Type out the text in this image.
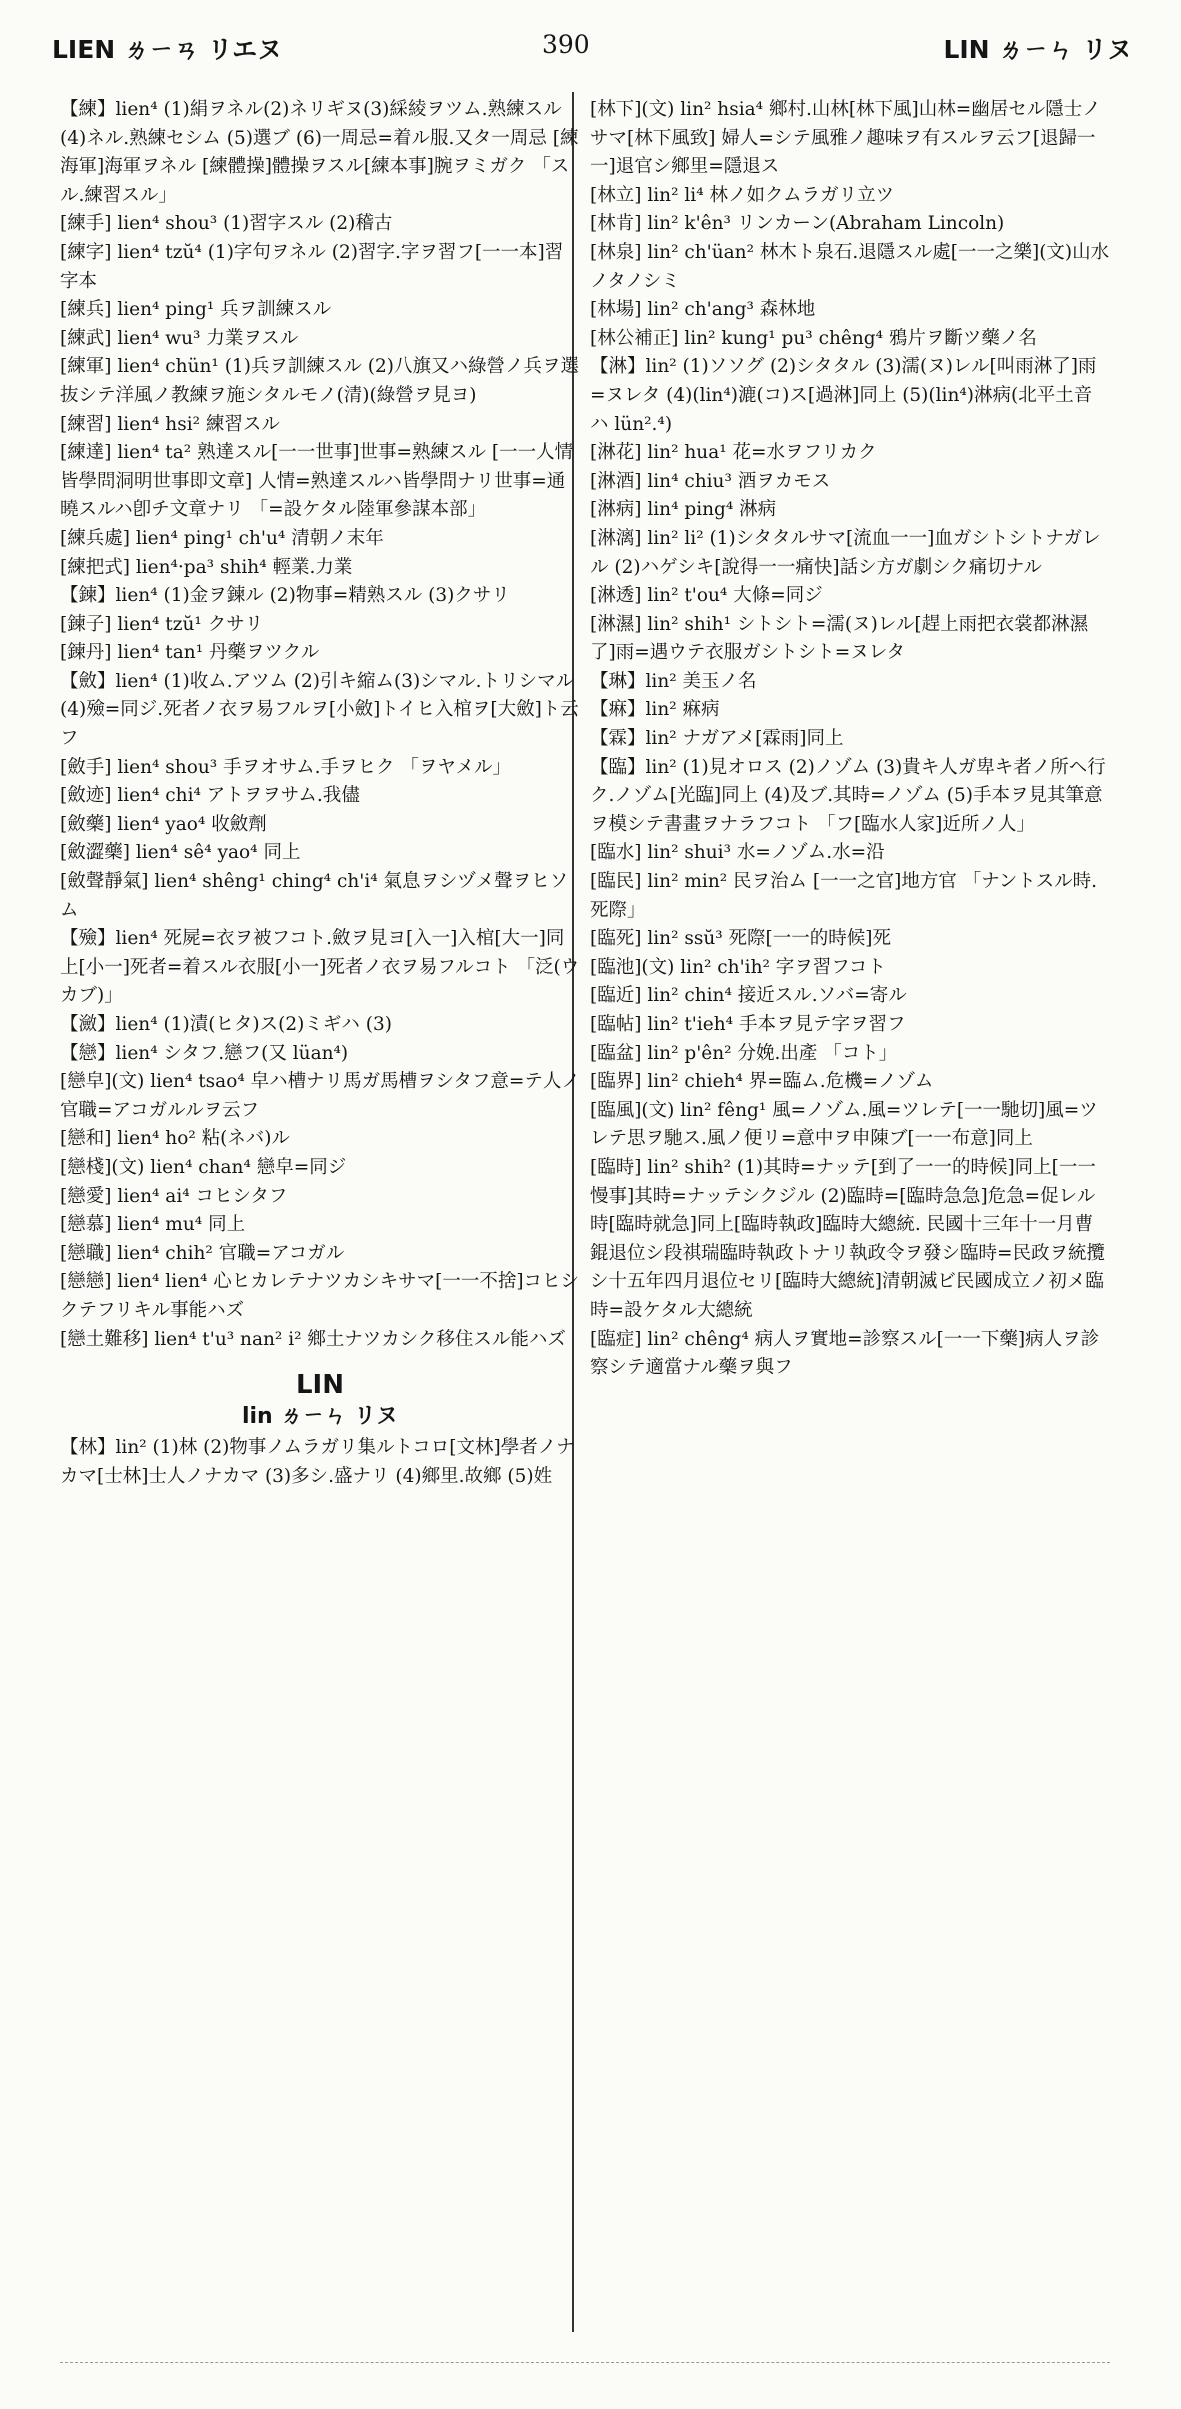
LIEN ㄌㄧㄢ リエヌ	390	LIN ㄌㄧㄣ リヌ

【練】lien⁴ (1)絹ヲネル(2)ネリギヌ(3)綵綾ヲツム.熟練スル (4)ネル.熟練セシム (5)選ブ (6)一周忌=着ル服.又タ一周忌 [練海軍]海軍ヲネル [練體操]體操ヲスル[練本事]腕ヲミガク 「スル.練習スル」

[練手] lien⁴ shou³ (1)習字スル (2)稽古

[練字] lien⁴ tzŭ⁴ (1)字句ヲネル (2)習字.字ヲ習フ[一一本]習字本

[練兵] lien⁴ ping¹ 兵ヲ訓練スル

[練武] lien⁴ wu³ 力業ヲスル

[練軍] lien⁴ chün¹ (1)兵ヲ訓練スル (2)八旗又ハ綠營ノ兵ヲ選抜シテ洋風ノ教練ヲ施シタルモノ(清)(綠營ヲ見ヨ)

[練習] lien⁴ hsi² 練習スル

[練達] lien⁴ ta² 熟達スル[一一世事]世事=熟練スル [一一人情皆學問洞明世事即文章] 人情=熟達スルハ皆學問ナリ世事=通曉スルハ卽チ文章ナリ 「=設ケタル陸軍參謀本部」

[練兵處] lien⁴ ping¹ ch'u⁴ 清朝ノ末年

[練把式] lien⁴·pa³ shih⁴ 輕業.力業

【鍊】lien⁴ (1)金ヲ鍊ル (2)物事=精熟スル (3)クサリ

[鍊子] lien⁴ tzŭ¹ クサリ

[鍊丹] lien⁴ tan¹ 丹藥ヲツクル

【斂】lien⁴ (1)收ム.アツム (2)引キ縮ム(3)シマル.トリシマル (4)殮=同ジ.死者ノ衣ヲ易フルヲ[小斂]トイヒ入棺ヲ[大斂]ト云フ

[斂手] lien⁴ shou³ 手ヲオサム.手ヲヒク 「ヲヤメル」

[斂迹] lien⁴ chi⁴ アトヲヲサム.我儘

[斂藥] lien⁴ yao⁴ 收斂劑

[斂澀藥] lien⁴ sê⁴ yao⁴ 同上

[斂聲靜氣] lien⁴ shêng¹ ching⁴ ch'i⁴ 氣息ヲシヅメ聲ヲヒソム

【殮】lien⁴ 死屍=衣ヲ被フコト.斂ヲ見ヨ[入一]入棺[大一]同上[小一]死者=着スル衣服[小一]死者ノ衣ヲ易フルコト 「泛(ウカブ)」

【瀲】lien⁴ (1)漬(ヒタ)ス(2)ミギハ (3)

【戀】lien⁴ シタフ.戀フ(又 lüan⁴)

[戀皁](文) lien⁴ tsao⁴ 皁ハ槽ナリ馬ガ馬槽ヲシタフ意=テ人ノ官職=アコガルルヲ云フ

[戀和] lien⁴ ho² 粘(ネバ)ル

[戀棧](文) lien⁴ chan⁴ 戀皁=同ジ

[戀愛] lien⁴ ai⁴ コヒシタフ

[戀慕] lien⁴ mu⁴ 同上

[戀職] lien⁴ chih² 官職=アコガル

[戀戀] lien⁴ lien⁴ 心ヒカレテナツカシキサマ[一一不捨]コヒシクテフリキル事能ハズ

[戀土難移] lien⁴ t'u³ nan² i² 鄉土ナツカシク移住スル能ハズ

LIN
lin ㄌㄧㄣ リヌ

【林】lin² (1)林 (2)物事ノムラガリ集ルトコロ[文林]學者ノナカマ[士林]士人ノナカマ (3)多シ.盛ナリ (4)鄉里.故鄉 (5)姓

[林下](文) lin² hsia⁴ 鄉村.山林[林下風]山林=幽居セル隱士ノサマ[林下風致] 婦人=シテ風雅ノ趣味ヲ有スルヲ云フ[退歸一一]退官シ鄉里=隱退ス

[林立] lin² li⁴ 林ノ如クムラガリ立ツ

[林肯] lin² k'ên³ リンカーン(Abraham Lincoln)

[林泉] lin² ch'üan² 林木ト泉石.退隱スル處[一一之樂](文)山水ノタノシミ

[林場] lin² ch'ang³ 森林地

[林公補正] lin² kung¹ pu³ chêng⁴ 鴉片ヲ斷ツ藥ノ名

【淋】lin² (1)ソソグ (2)シタタル (3)濡(ヌ)レル[叫雨淋了]雨=ヌレタ (4)(lin⁴)漉(コ)ス[過淋]同上 (5)(lin⁴)淋病(北平土音ハ lün².⁴)

[淋花] lin² hua¹ 花=水ヲフリカク

[淋酒] lin⁴ chiu³ 酒ヲカモス

[淋病] lin⁴ ping⁴ 淋病

[淋漓] lin² li² (1)シタタルサマ[流血一一]血ガシトシトナガレル (2)ハゲシキ[說得一一痛快]話シ方ガ劇シク痛切ナル

[淋透] lin² t'ou⁴ 大條=同ジ

[淋濕] lin² shih¹ シトシト=濡(ヌ)レル[趕上雨把衣裳都淋濕了]雨=遇ウテ衣服ガシトシト=ヌレタ

【琳】lin² 美玉ノ名

【痳】lin² 痳病

【霖】lin² ナガアメ[霖雨]同上

【臨】lin² (1)見オロス (2)ノゾム (3)貴キ人ガ卑キ者ノ所ヘ行ク.ノゾム[光臨]同上 (4)及ブ.其時=ノゾム (5)手本ヲ見其筆意ヲ模シテ書畫ヲナラフコト 「フ[臨水人家]近所ノ人」

[臨水] lin² shui³ 水=ノゾム.水=沿

[臨民] lin² min² 民ヲ治ム [一一之官]地方官 「ナントスル時.死際」

[臨死] lin² ssŭ³ 死際[一一的時候]死

[臨池](文) lin² ch'ih² 字ヲ習フコト

[臨近] lin² chin⁴ 接近スル.ソバ=寄ル

[臨帖] lin² t'ieh⁴ 手本ヲ見テ字ヲ習フ

[臨盆] lin² p'ên² 分娩.出產 「コト」

[臨界] lin² chieh⁴ 界=臨ム.危機=ノゾム

[臨風](文) lin² fêng¹ 風=ノゾム.風=ツレテ[一一馳切]風=ツレテ思ヲ馳ス.風ノ便リ=意中ヲ申陳ブ[一一布意]同上

[臨時] lin² shih² (1)其時=ナッテ[到了一一的時候]同上[一一慢事]其時=ナッテシクジル (2)臨時=[臨時急急]危急=促レル時[臨時就急]同上[臨時執政]臨時大總統. 民國十三年十一月曹錕退位シ段祺瑞臨時執政トナリ執政令ヲ發シ臨時=民政ヲ統攬シ十五年四月退位セリ[臨時大總統]清朝滅ビ民國成立ノ初メ臨時=設ケタル大總統

[臨症] lin² chêng⁴ 病人ヲ實地=診察スル[一一下藥]病人ヲ診察シテ適當ナル藥ヲ與フ
